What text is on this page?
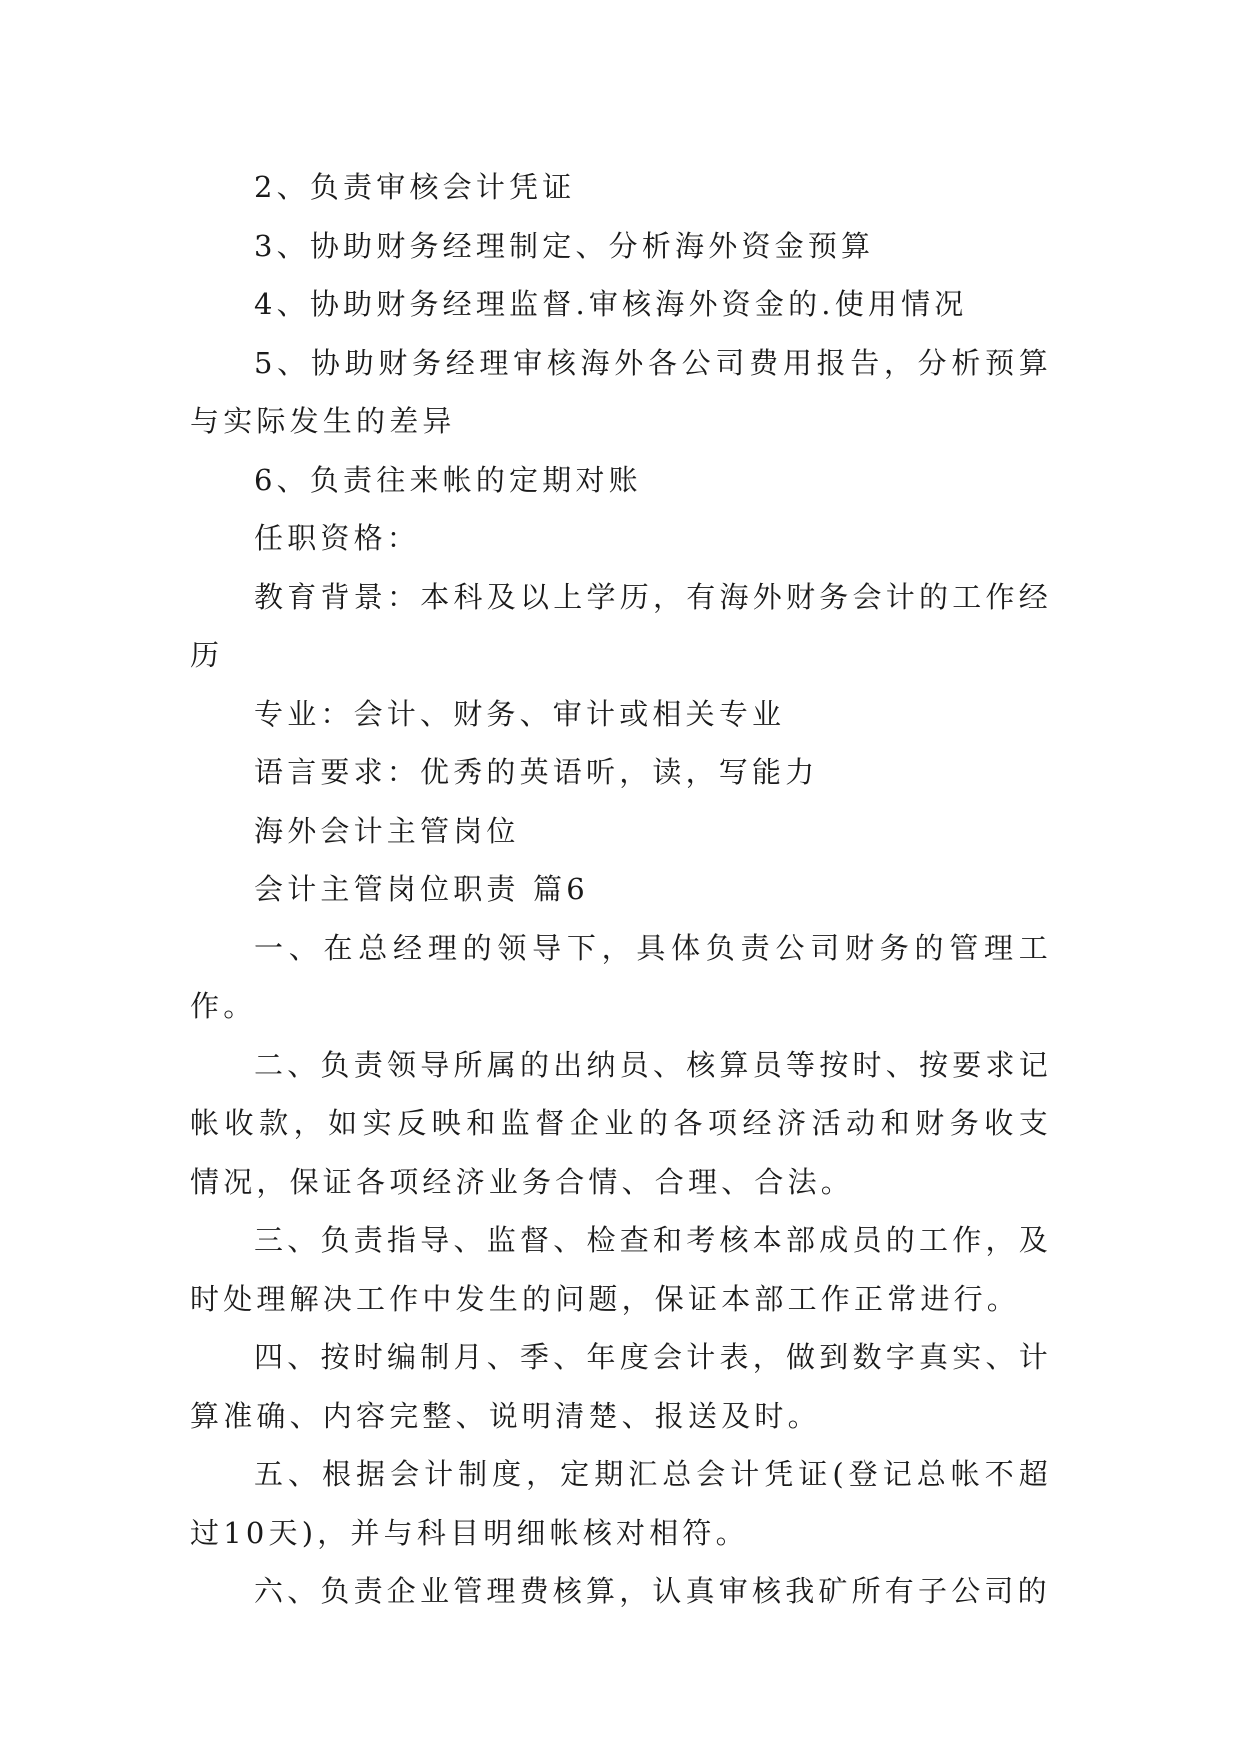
2、负责审核会计凭证

3、协助财务经理制定、分析海外资金预算

4、协助财务经理监督.审核海外资金的.使用情况

5、协助财务经理审核海外各公司费用报告，分析预算与实际发生的差异

6、负责往来帐的定期对账

任职资格：

教育背景：本科及以上学历，有海外财务会计的工作经历

专业：会计、财务、审计或相关专业

语言要求：优秀的英语听，读，写能力

海外会计主管岗位

会计主管岗位职责 篇6

一、在总经理的领导下，具体负责公司财务的管理工作。

二、负责领导所属的出纳员、核算员等按时、按要求记帐收款，如实反映和监督企业的各项经济活动和财务收支情况，保证各项经济业务合情、合理、合法。

三、负责指导、监督、检查和考核本部成员的工作，及时处理解决工作中发生的问题，保证本部工作正常进行。

四、按时编制月、季、年度会计表，做到数字真实、计算准确、内容完整、说明清楚、报送及时。

五、根据会计制度，定期汇总会计凭证(登记总帐不超过10天)，并与科目明细帐核对相符。

六、负责企业管理费核算，认真审核我矿所有子公司的
